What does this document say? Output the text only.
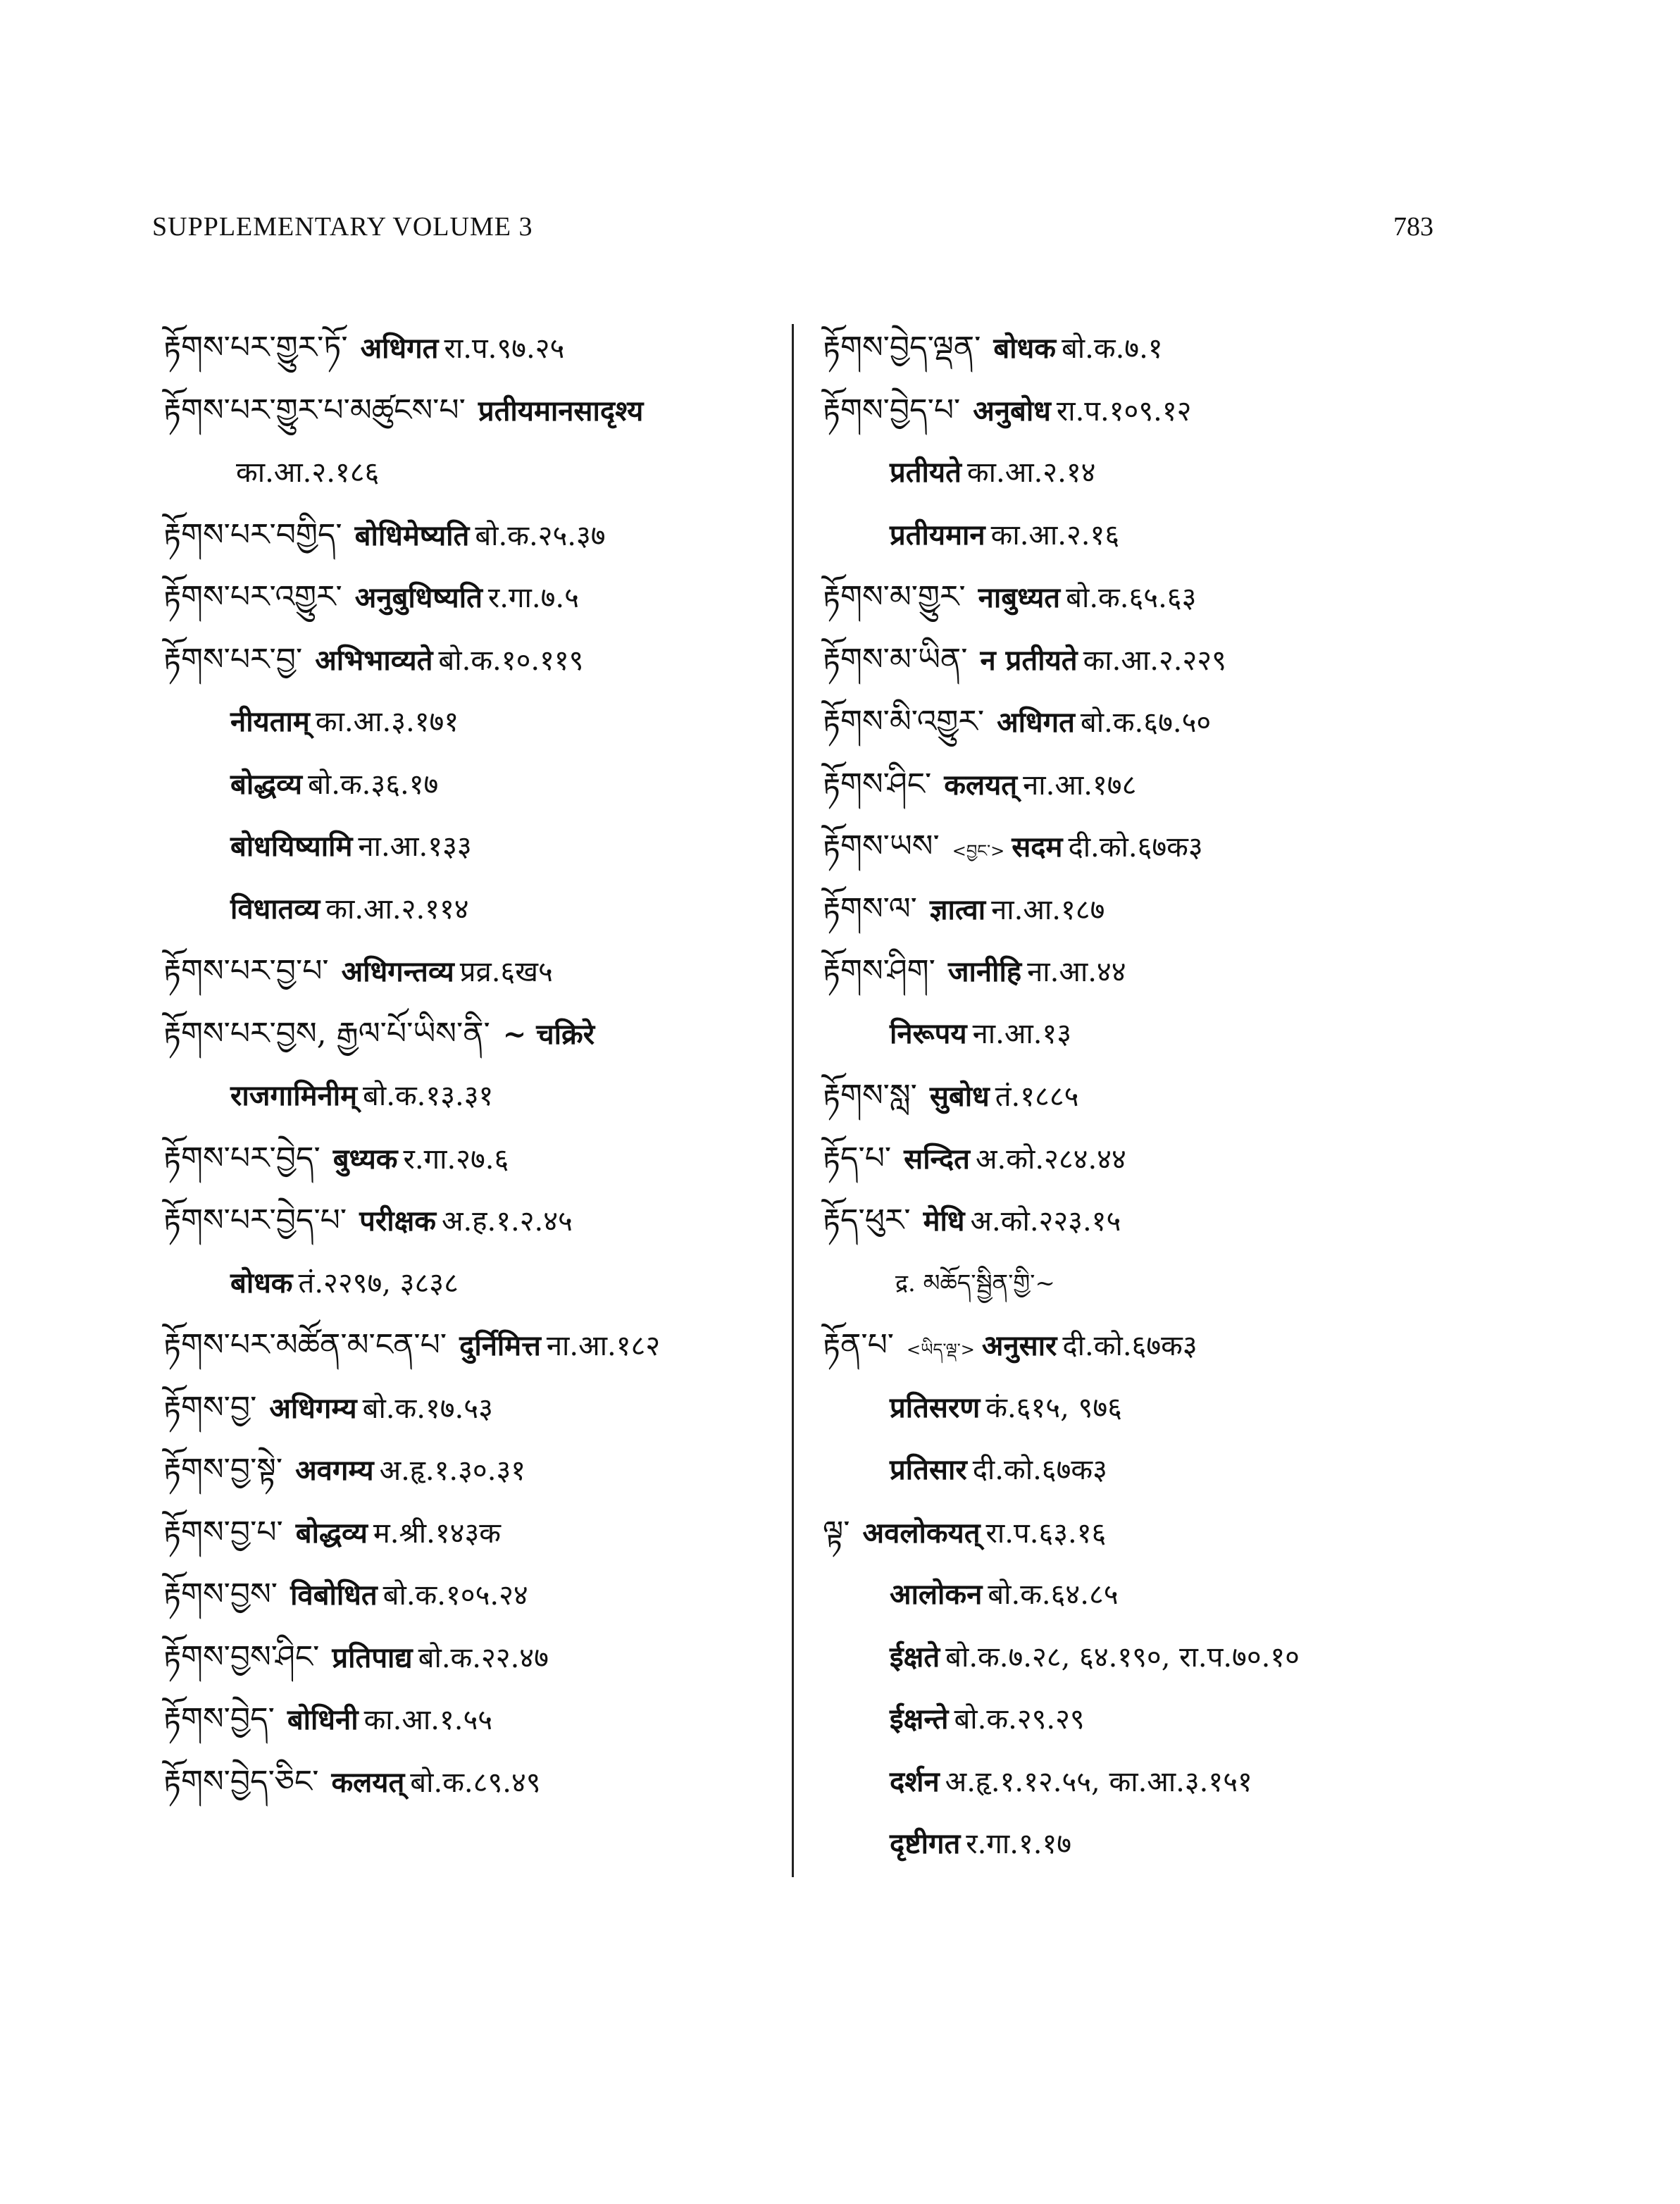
SUPPLEMENTARY VOLUME 3	783
རྟོགས་པར་གྱུར་ཏོ་ अधिगत रा.प.९७.२५
རྟོགས་པར་གྱུར་པ་མཚུངས་པ་ प्रतीयमानसादृश्य
का.आ.२.१८६
རྟོགས་པར་བགྱིད་ बोधिमेष्यति बो.क.२५.३७
རྟོགས་པར་འགྱུར་ अनुबुधिष्यति र.गा.७.५
རྟོགས་པར་བྱ་ अभिभाव्यते बो.क.१०.११९
नीयताम् का.आ.३.१७१
बोद्धव्य बो.क.३६.१७
बोधयिष्यामि ना.आ.१३३
विधातव्य का.आ.२.११४
རྟོགས་པར་བྱ་པ་ अधिगन्तव्य प्रव्र.६ख५
རྟོགས་པར་བྱས, རྒྱལ་པོ་ཡིས་ནི་ ~ चक्रिरे
राजगामिनीम् बो.क.१३.३१
རྟོགས་པར་བྱེད་ बुध्यक र.गा.२७.६
རྟོགས་པར་བྱེད་པ་ परीक्षक अ.ह.१.२.४५
बोधक तं.२२९७, ३८३८
རྟོགས་པར་མཚོན་མ་ངན་པ་ दुर्निमित्त ना.आ.१८२
རྟོགས་བྱ་ अधिगम्य बो.क.१७.५३
རྟོགས་བྱ་སྟེ་ अवगम्य अ.हृ.१.३०.३१
རྟོགས་བྱ་པ་ बोद्धव्य म.श्री.१४३क
རྟོགས་བྱས་ विबोधित बो.क.१०५.२४
རྟོགས་བྱས་ཤིང་ प्रतिपाद्य बो.क.२२.४७
རྟོགས་བྱེད་ बोधिनी का.आ.१.५५
རྟོགས་བྱེད་ཅིང་ कलयत् बो.क.८९.४९
རྟོགས་བྱེད་ལྡན་ बोधक बो.क.७.१
རྟོགས་བྱེད་པ་ अनुबोध रा.प.१०९.१२
प्रतीयते का.आ.२.१४
प्रतीयमान का.आ.२.१६
རྟོགས་མ་གྱུར་ नाबुध्यत बो.क.६५.६३
རྟོགས་མ་ཡིན་ न प्रतीयते का.आ.२.२२९
རྟོགས་མི་འགྱུར་ अधिगत बो.क.६७.५०
རྟོགས་ཤིང་ कलयत् ना.आ.१७८
རྟོགས་ཡས་ <བྱང་> सदम दी.को.६७क३
རྟོགས་ལ་ ज्ञात्वा ना.आ.१८७
རྟོགས་ཤིག་ जानीहि ना.आ.४४
निरूपय ना.आ.१३
རྟོགས་སླ་ सुबोध तं.१८८५
རྟོད་པ་ सन्दित अ.को.२८४.४४
རྟོད་ཕུར་ मेधि अ.को.२२३.१५
द्र. མཆོད་སྦྱིན་གྱི་~
རྟོན་པ་ <ཡིད་ལྡ་> अनुसार दी.को.६७क३
प्रतिसरण कं.६१५, ९७६
प्रतिसार दी.को.६७क३
ལྟ་ अवलोकयत् रा.प.६३.१६
आलोकन बो.क.६४.८५
ईक्षते बो.क.७.२८, ६४.१९०, रा.प.७०.१०
ईक्षन्ते बो.क.२९.२९
दर्शन अ.हृ.१.१२.५५, का.आ.३.१५१
दृष्टीगत र.गा.१.१७
